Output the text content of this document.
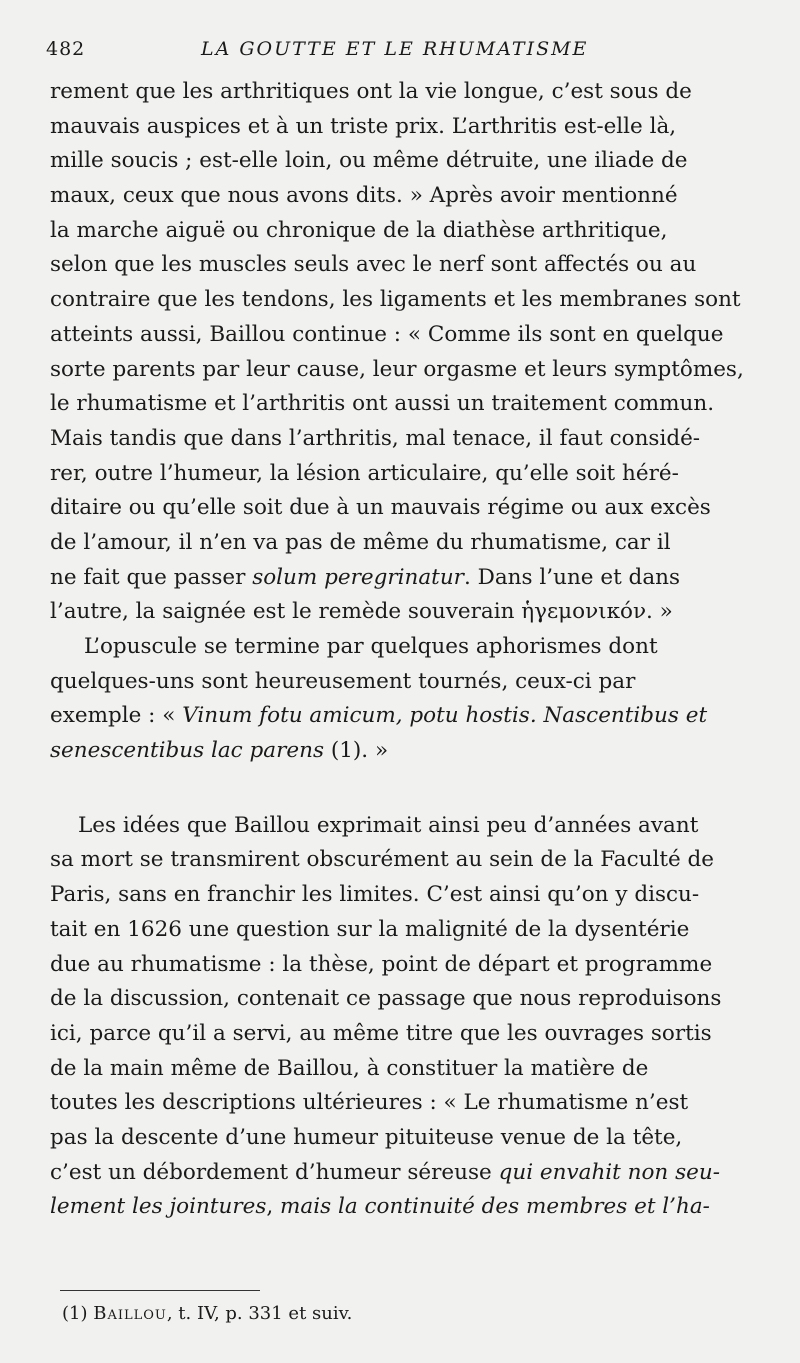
482	LA GOUTTE ET LE RHUMATISME
rement que les arthritiques ont la vie longue, c’est sous de
mauvais auspices et à un triste prix. L’arthritis est-elle là,
mille soucis ; est-elle loin, ou même détruite, une iliade de
maux, ceux que nous avons dits. » Après avoir mentionné
la marche aiguë ou chronique de la diathèse arthritique,
selon que les muscles seuls avec le nerf sont affectés ou au
contraire que les tendons, les ligaments et les membranes sont
atteints aussi, Baillou continue : « Comme ils sont en quelque
sorte parents par leur cause, leur orgasme et leurs symptômes,
le rhumatisme et l’arthritis ont aussi un traitement commun.
Mais tandis que dans l’arthritis, mal tenace, il faut considé-
rer, outre l’humeur, la lésion articulaire, qu’elle soit héré-
ditaire ou qu’elle soit due à un mauvais régime ou aux excès
de l’amour, il n’en va pas de même du rhumatisme, car il
ne fait que passer solum peregrinatur. Dans l’une et dans
l’autre, la saignée est le remède souverain ἡγεμονικόν. »
L’opuscule se termine par quelques aphorismes dont
quelques-uns sont heureusement tournés, ceux-ci par
exemple : « Vinum fotu amicum, potu hostis. Nascentibus et
senescentibus lac parens (1). »
Les idées que Baillou exprimait ainsi peu d’années avant
sa mort se transmirent obscurément au sein de la Faculté de
Paris, sans en franchir les limites. C’est ainsi qu’on y discu-
tait en 1626 une question sur la malignité de la dysentérie
due au rhumatisme : la thèse, point de départ et programme
de la discussion, contenait ce passage que nous reproduisons
ici, parce qu’il a servi, au même titre que les ouvrages sortis
de la main même de Baillou, à constituer la matière de
toutes les descriptions ultérieures : « Le rhumatisme n’est
pas la descente d’une humeur pituiteuse venue de la tête,
c’est un débordement d’humeur séreuse qui envahit non seu-
lement les jointures, mais la continuité des membres et l’ha-
(1) Baillou, t. IV, p. 331 et suiv.
